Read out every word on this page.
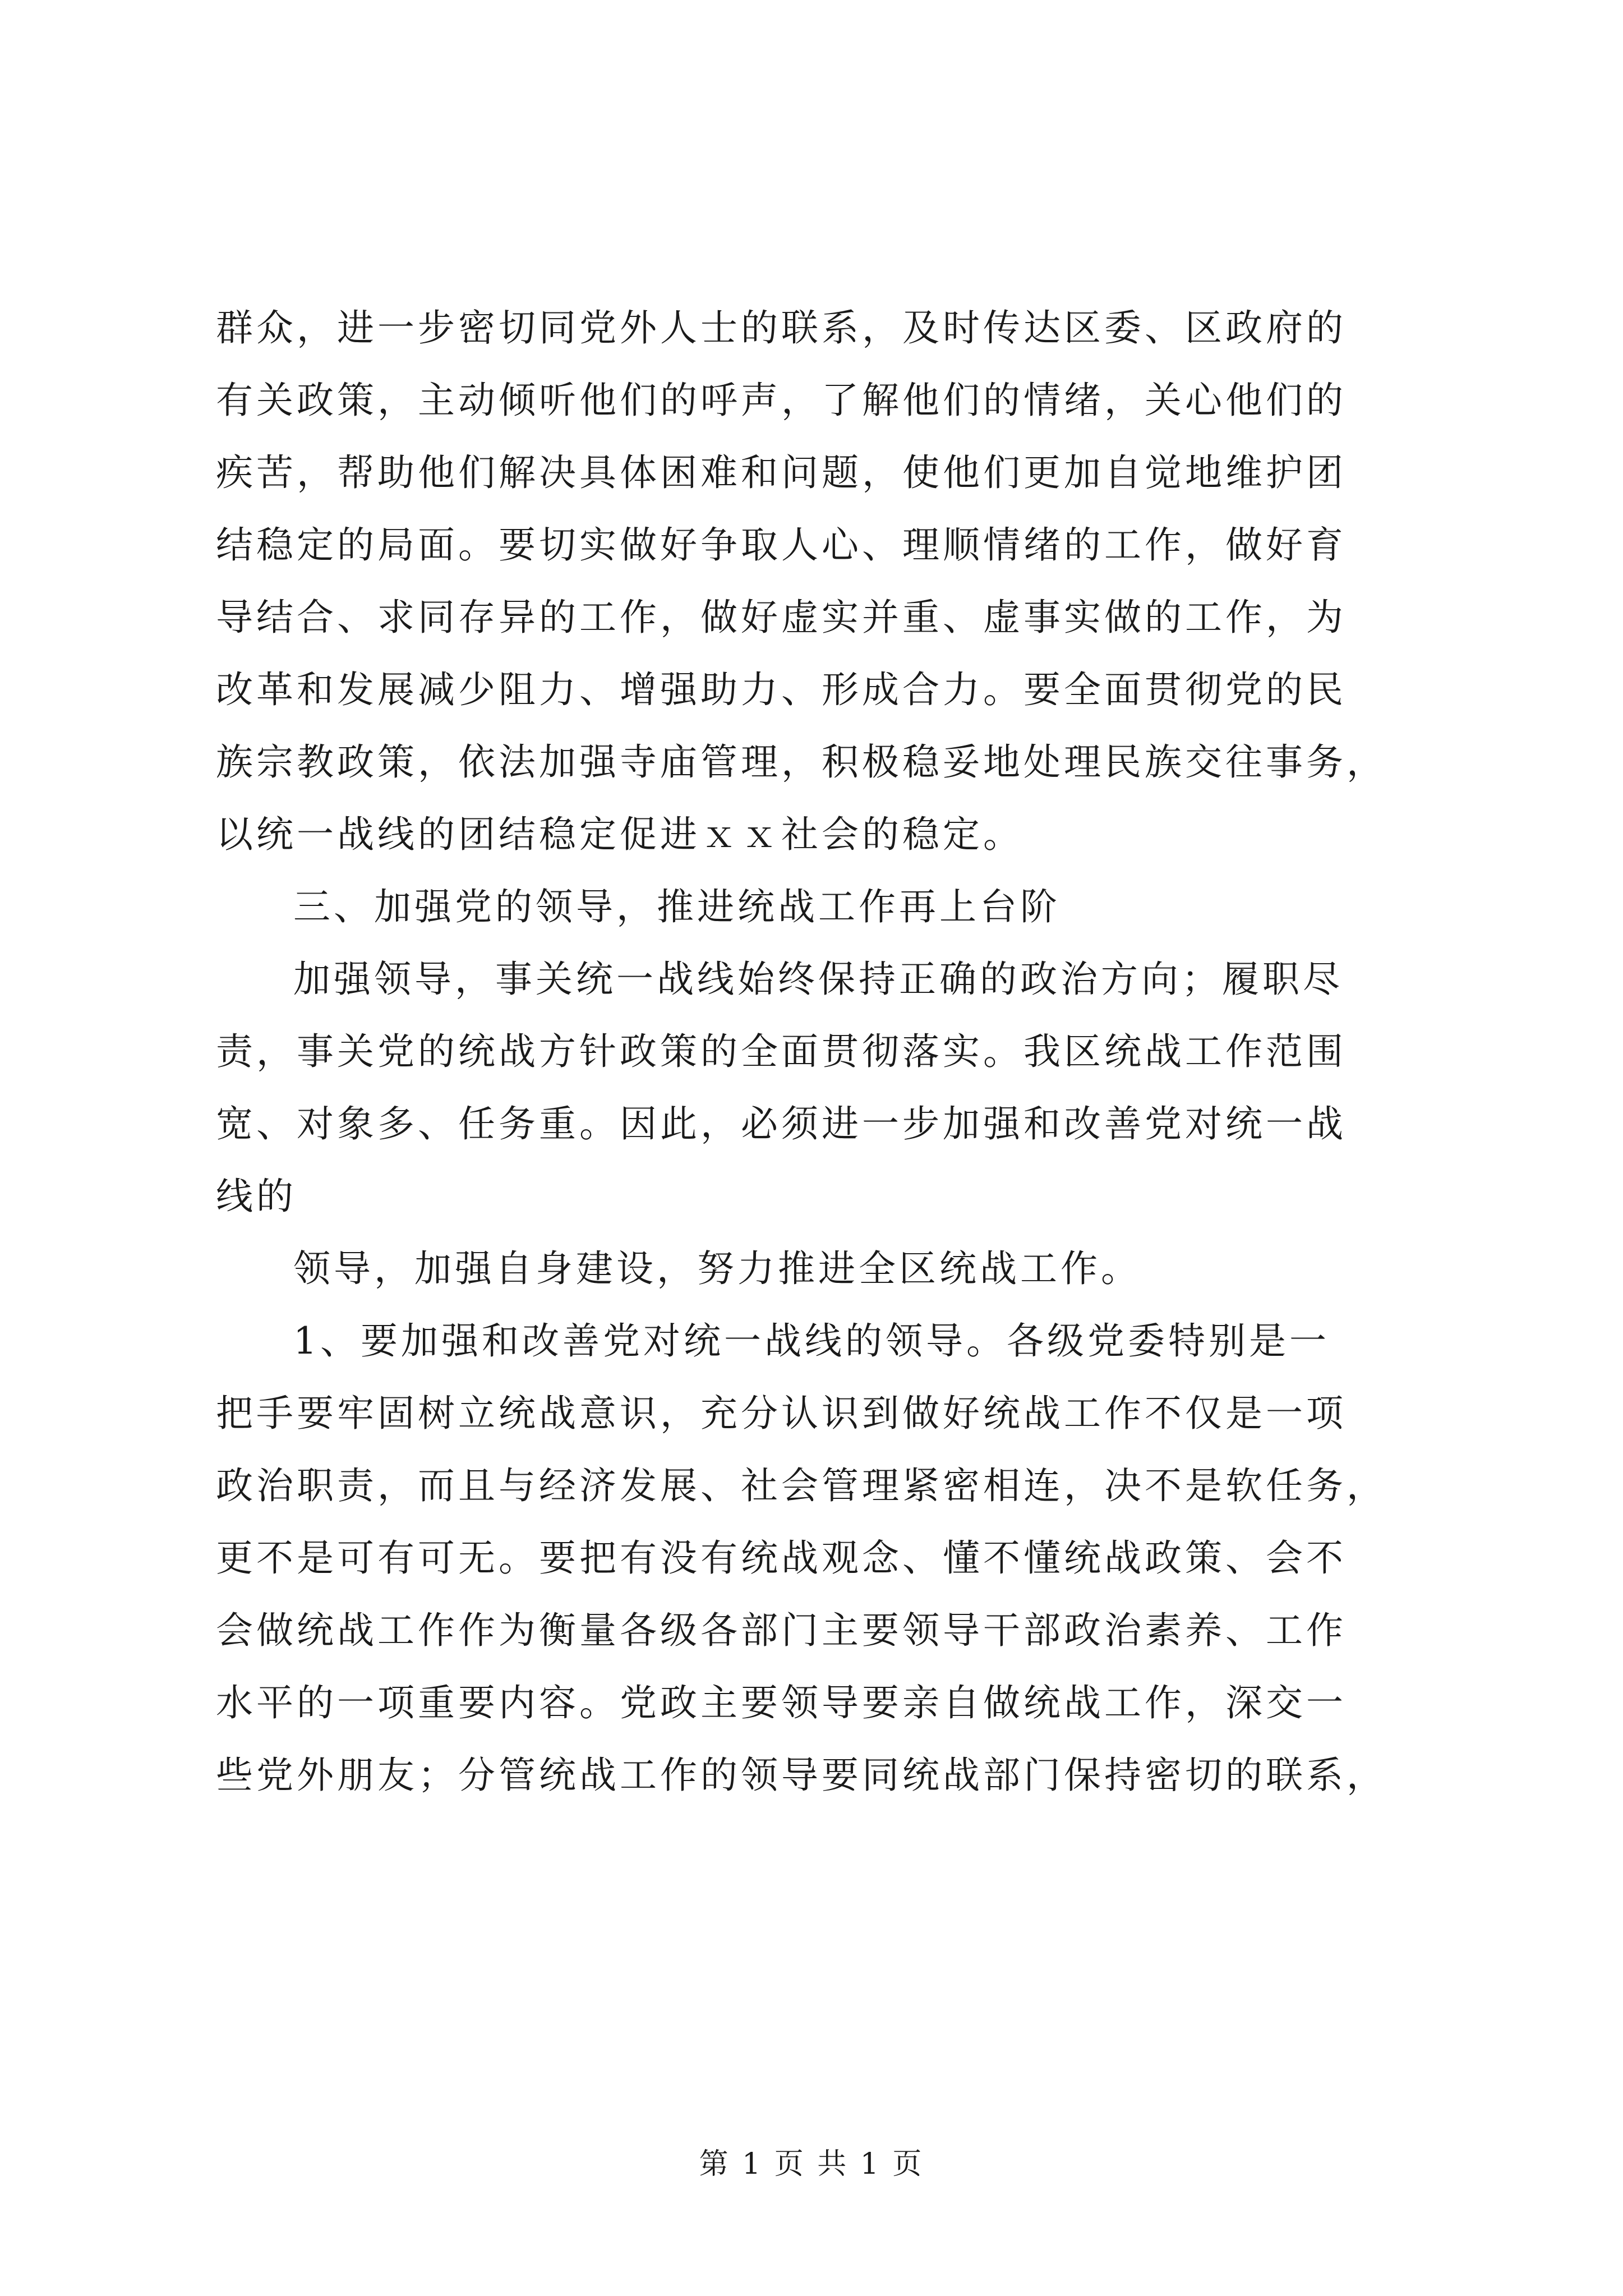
群众，进一步密切同党外人士的联系，及时传达区委、区政府的
有关政策，主动倾听他们的呼声，了解他们的情绪，关心他们的
疾苦，帮助他们解决具体困难和问题，使他们更加自觉地维护团
结稳定的局面。要切实做好争取人心、理顺情绪的工作，做好育
导结合、求同存异的工作，做好虚实并重、虚事实做的工作，为
改革和发展减少阻力、增强助力、形成合力。要全面贯彻党的民
族宗教政策，依法加强寺庙管理，积极稳妥地处理民族交往事务，
以统一战线的团结稳定促进ｘｘ社会的稳定。
三、加强党的领导，推进统战工作再上台阶
加强领导，事关统一战线始终保持正确的政治方向；履职尽
责，事关党的统战方针政策的全面贯彻落实。我区统战工作范围
宽、对象多、任务重。因此，必须进一步加强和改善党对统一战
线的
领导，加强自身建设，努力推进全区统战工作。
1、要加强和改善党对统一战线的领导。各级党委特别是一
把手要牢固树立统战意识，充分认识到做好统战工作不仅是一项
政治职责，而且与经济发展、社会管理紧密相连，决不是软任务，
更不是可有可无。要把有没有统战观念、懂不懂统战政策、会不
会做统战工作作为衡量各级各部门主要领导干部政治素养、工作
水平的一项重要内容。党政主要领导要亲自做统战工作，深交一
些党外朋友；分管统战工作的领导要同统战部门保持密切的联系，
第 1 页 共 1 页
